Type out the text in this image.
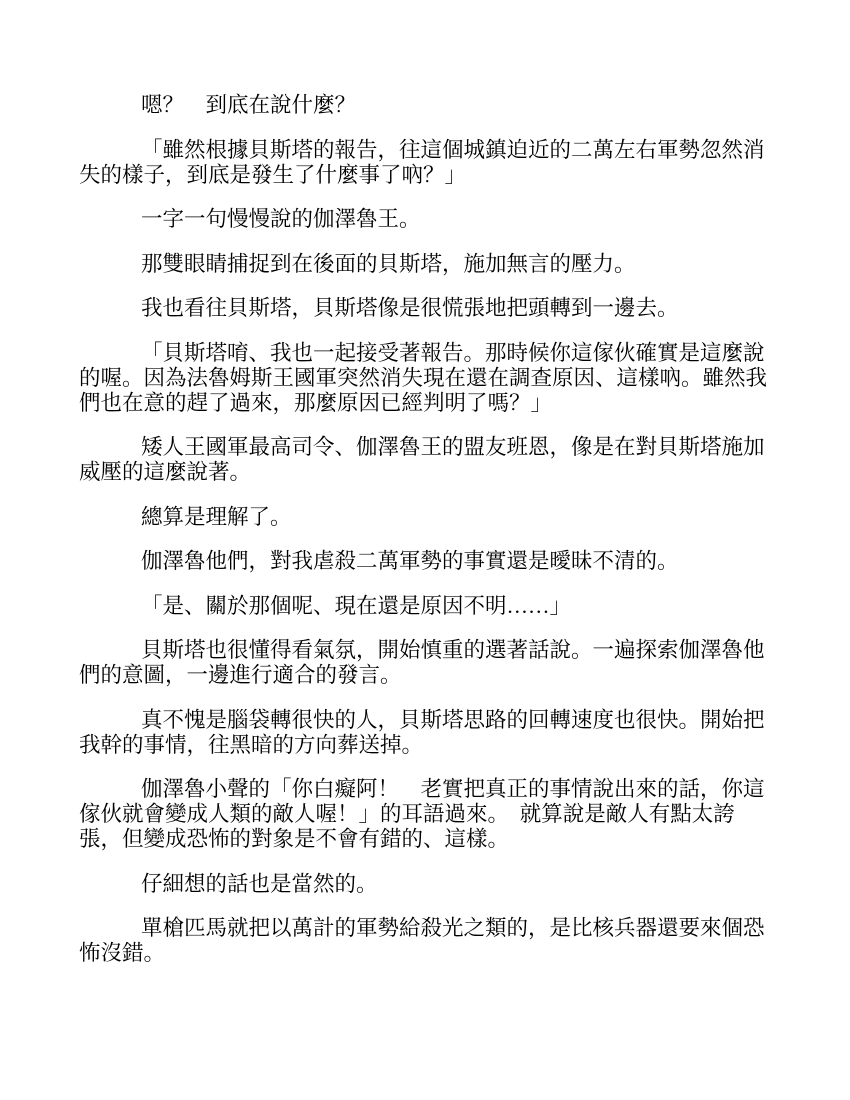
嗯？　到底在說什麼？

「雖然根據貝斯塔的報告，往這個城鎮迫近的二萬左右軍勢忽然消失的樣子，到底是發生了什麼事了吶？」

一字一句慢慢說的伽澤魯王。

那雙眼睛捕捉到在後面的貝斯塔，施加無言的壓力。

我也看往貝斯塔，貝斯塔像是很慌張地把頭轉到一邊去。

「貝斯塔唷、我也一起接受著報告。那時候你這傢伙確實是這麼說的喔。因為法魯姆斯王國軍突然消失現在還在調查原因、這樣吶。雖然我們也在意的趕了過來，那麼原因已經判明了嗎？」

矮人王國軍最高司令、伽澤魯王的盟友班恩，像是在對貝斯塔施加威壓的這麼說著。

總算是理解了。

伽澤魯他們，對我虐殺二萬軍勢的事實還是曖昧不清的。

「是、關於那個呢、現在還是原因不明……」

貝斯塔也很懂得看氣氛，開始慎重的選著話說。一遍探索伽澤魯他們的意圖，一邊進行適合的發言。

真不愧是腦袋轉很快的人，貝斯塔思路的回轉速度也很快。開始把我幹的事情，往黑暗的方向葬送掉。

伽澤魯小聲的「你白癡阿！　老實把真正的事情說出來的話，你這傢伙就會變成人類的敵人喔！」的耳語過來。　就算說是敵人有點太誇張，但變成恐怖的對象是不會有錯的、這樣。

仔細想的話也是當然的。

單槍匹馬就把以萬計的軍勢給殺光之類的，是比核兵器還要來個恐怖沒錯。
